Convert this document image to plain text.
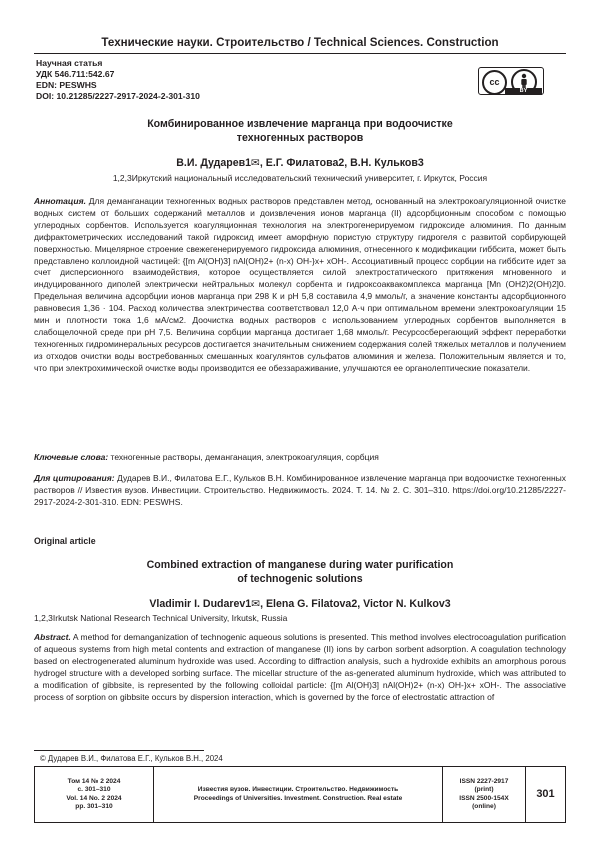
Технические науки. Строительство / Technical Sciences. Construction
Научная статья
УДК 546.711:542.67
EDN: PESWHS
DOI: 10.21285/2227-2917-2024-2-301-310
cc
BY
Комбинированное извлечение марганца при водоочистке
техногенных растворов
В.И. Дударев1✉, Е.Г. Филатова2, В.Н. Кульков3
1,2,3Иркутский национальный исследовательский технический университет, г. Иркутск, Россия
Аннотация. Для деманганации техногенных водных растворов представлен метод, основанный на электрокоагуляционной очистке водных систем от больших содержаний металлов и доизвлечения ионов марганца (II) адсорбционным способом с помощью углеродных сорбентов. Используется коагуляционная технология на электрогенерируемом гидроксиде алюминия. По данным дифрактометрических исследований такой гидроксид имеет аморфную пористую структуру гидрогеля с развитой сорбирующей поверхностью. Мицелярное строение свежегенерируемого гидроксида алюминия, отнесенного к модификации гиббсита, может быть представлено коллоидной частицей: {[m Al(OH)3] nAl(OH)2+ (n-x) OH-}x+ xOH-. Ассоциативный процесс сорбции на гиббсите идет за счет дисперсионного взаимодействия, которое осуществляется силой электростатического притяжения мгновенного и индуцированного диполей электрически нейтральных молекул сорбента и гидроксоаквакомплекса марганца [Mn (OH2)2(OH)2]0. Предельная величина адсорбции ионов марганца при 298 К и pH 5,8 составила 4,9 ммоль/г, а значение константы адсорбционного равновесия 1,36 · 104. Расход количества электричества соответствовал 12,0 А·ч при оптимальном времени электрокоагуляции 15 мин и плотности тока 1,6 мА/см2. Доочистка водных растворов с использованием углеродных сорбентов выполняется в слабощелочной среде при pH 7,5. Величина сорбции марганца достигает 1,68 ммоль/г. Ресурсосберегающий эффект переработки техногенных гидроминеральных ресурсов достигается значительным снижением содержания солей тяжелых металлов и получением из отходов очистки воды востребованных смешанных коагулянтов сульфатов алюминия и железа. Положительным является и то, что при электрохимической очистке воды производится ее обеззараживание, улучшаются ее органолептические показатели.
Ключевые слова: техногенные растворы, деманганация, электрокоагуляция, сорбция
Для цитирования: Дударев В.И., Филатова Е.Г., Кульков В.Н. Комбинированное извлечение марганца при водоочистке техногенных растворов // Известия вузов. Инвестиции. Строительство. Недвижимость. 2024. Т. 14. № 2. С. 301–310. https://doi.org/10.21285/2227-2917-2024-2-301-310. EDN: PESWHS.
Original article
Combined extraction of manganese during water purification
of technogenic solutions
Vladimir I. Dudarev1✉, Elena G. Filatova2, Victor N. Kulkov3
1,2,3Irkutsk National Research Technical University, Irkutsk, Russia
Abstract. A method for demanganization of technogenic aqueous solutions is presented. This method involves electrocoagulation purification of aqueous systems from high metal contents and extraction of manganese (II) ions by carbon sorbent adsorption. A coagulation technology based on electrogenerated aluminum hydroxide was used. According to diffraction analysis, such a hydroxide exhibits an amorphous porous hydrogel structure with a developed sorbing surface. The micellar structure of the as-generated aluminum hydroxide, which was attributed to a modification of gibbsite, is represented by the following colloidal particle: {[m Al(OH)3] nAl(OH)2+ (n-x) OH-}x+ xOH-. The associative process of sorption on gibbsite occurs by dispersion interaction, which is governed by the force of electrostatic attraction of
© Дударев В.И., Филатова Е.Г., Кульков В.Н., 2024
Том 14 № 2 2024
с. 301–310
Vol. 14 No. 2 2024
pp. 301–310

Известия вузов. Инвестиции. Строительство. Недвижимость
Proceedings of Universities. Investment. Construction. Real estate

ISSN 2227-2917
(print)
ISSN 2500-154X
(online)
	301
